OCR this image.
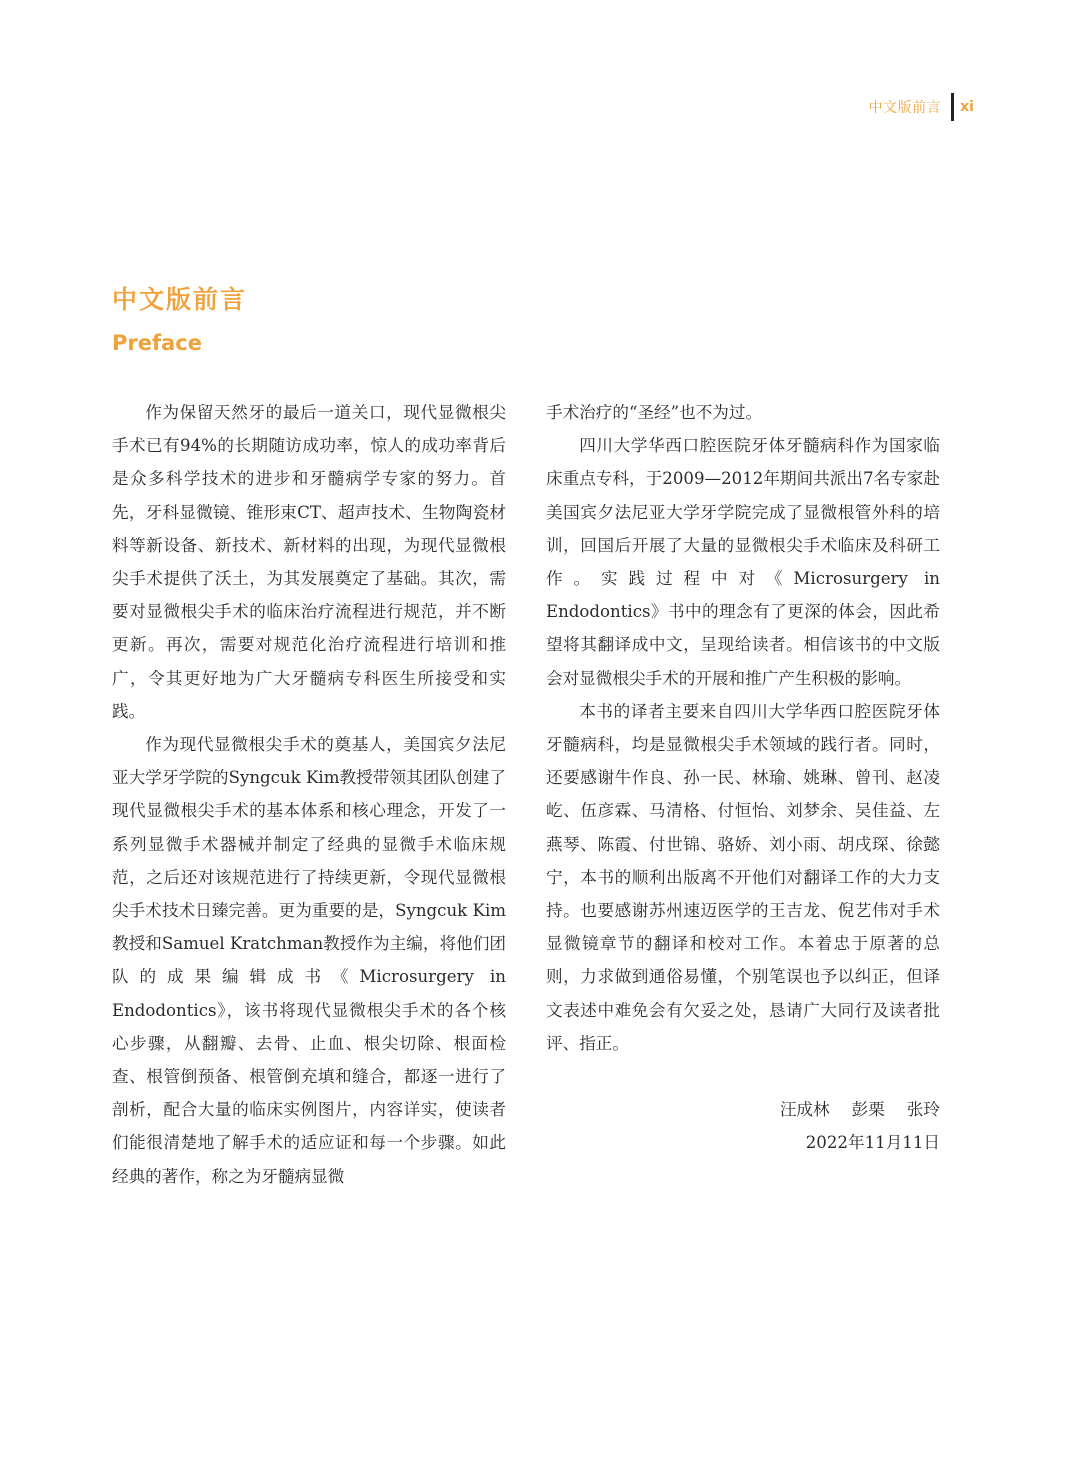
中文版前言 xi
中文版前言
Preface

作为保留天然牙的最后一道关口，现代显微根尖手术已有94%的长期随访成功率，惊人的成功率背后是众多科学技术的进步和牙髓病学专家的努力。首先，牙科显微镜、锥形束CT、超声技术、生物陶瓷材料等新设备、新技术、新材料的出现，为现代显微根尖手术提供了沃土，为其发展奠定了基础。其次，需要对显微根尖手术的临床治疗流程进行规范，并不断更新。再次，需要对规范化治疗流程进行培训和推广，令其更好地为广大牙髓病专科医生所接受和实践。

作为现代显微根尖手术的奠基人，美国宾夕法尼亚大学牙学院的Syngcuk Kim教授带领其团队创建了现代显微根尖手术的基本体系和核心理念，开发了一系列显微手术器械并制定了经典的显微手术临床规范，之后还对该规范进行了持续更新，令现代显微根尖手术技术日臻完善。更为重要的是，Syngcuk Kim教授和Samuel Kratchman教授作为主编，将他们团队的成果编辑成书《Microsurgery in Endodontics》，该书将现代显微根尖手术的各个核心步骤，从翻瓣、去骨、止血、根尖切除、根面检查、根管倒预备、根管倒充填和缝合，都逐一进行了剖析，配合大量的临床实例图片，内容详实，使读者们能很清楚地了解手术的适应证和每一个步骤。如此经典的著作，称之为牙髓病显微

手术治疗的“圣经”也不为过。

四川大学华西口腔医院牙体牙髓病科作为国家临床重点专科，于2009—2012年期间共派出7名专家赴美国宾夕法尼亚大学牙学院完成了显微根管外科的培训，回国后开展了大量的显微根尖手术临床及科研工作。实践过程中对《Microsurgery in Endodontics》书中的理念有了更深的体会，因此希望将其翻译成中文，呈现给读者。相信该书的中文版会对显微根尖手术的开展和推广产生积极的影响。

本书的译者主要来自四川大学华西口腔医院牙体牙髓病科，均是显微根尖手术领域的践行者。同时，还要感谢牛作良、孙一民、林瑜、姚琳、曾刊、赵凌屹、伍彦霖、马清格、付恒怡、刘梦余、吴佳益、左燕琴、陈霞、付世锦、骆娇、刘小雨、胡戌琛、徐懿宁，本书的顺利出版离不开他们对翻译工作的大力支持。也要感谢苏州速迈医学的王吉龙、倪艺伟对手术显微镜章节的翻译和校对工作。本着忠于原著的总则，力求做到通俗易懂，个别笔误也予以纠正，但译文表述中难免会有欠妥之处，恳请广大同行及读者批评、指正。

汪成林 彭栗 张玲

2022年11月11日
